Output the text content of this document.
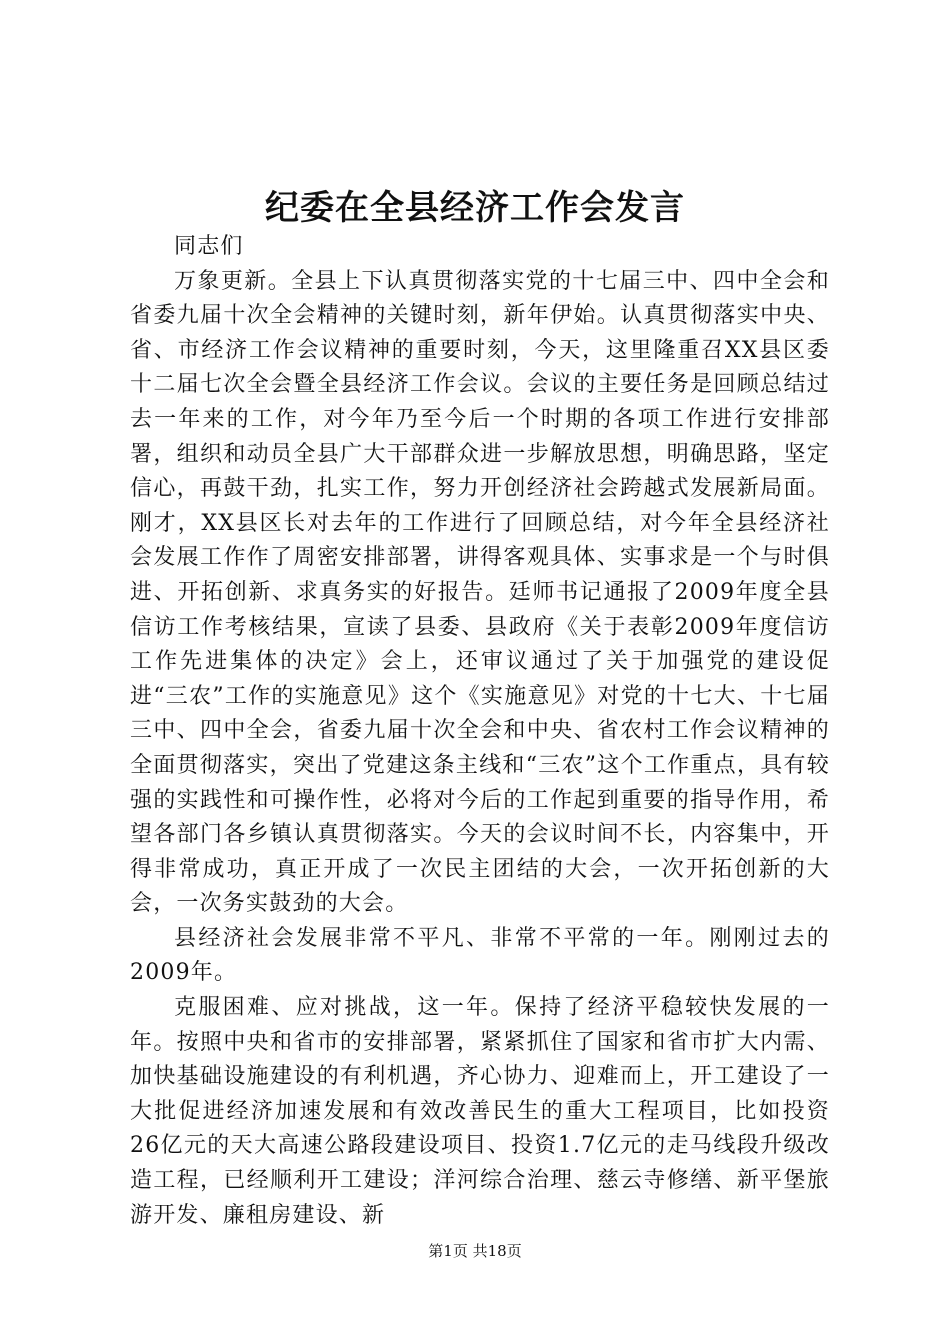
纪委在全县经济工作会发言

同志们

万象更新。全县上下认真贯彻落实党的十七届三中、四中全会和省委九届十次全会精神的关键时刻，新年伊始。认真贯彻落实中央、省、市经济工作会议精神的重要时刻，今天，这里隆重召XX县区委十二届七次全会暨全县经济工作会议。会议的主要任务是回顾总结过去一年来的工作，对今年乃至今后一个时期的各项工作进行安排部署，组织和动员全县广大干部群众进一步解放思想，明确思路，坚定信心，再鼓干劲，扎实工作，努力开创经济社会跨越式发展新局面。刚才，XX县区长对去年的工作进行了回顾总结，对今年全县经济社会发展工作作了周密安排部署，讲得客观具体、实事求是一个与时俱进、开拓创新、求真务实的好报告。廷师书记通报了2009年度全县信访工作考核结果，宣读了县委、县政府《关于表彰2009年度信访工作先进集体的决定》会上，还审议通过了关于加强党的建设促进“三农”工作的实施意见》这个《实施意见》对党的十七大、十七届三中、四中全会，省委九届十次全会和中央、省农村工作会议精神的全面贯彻落实，突出了党建这条主线和“三农”这个工作重点，具有较强的实践性和可操作性，必将对今后的工作起到重要的指导作用，希望各部门各乡镇认真贯彻落实。今天的会议时间不长，内容集中，开得非常成功，真正开成了一次民主团结的大会，一次开拓创新的大会，一次务实鼓劲的大会。

县经济社会发展非常不平凡、非常不平常的一年。刚刚过去的2009年。

克服困难、应对挑战，这一年。保持了经济平稳较快发展的一年。按照中央和省市的安排部署，紧紧抓住了国家和省市扩大内需、加快基础设施建设的有利机遇，齐心协力、迎难而上，开工建设了一大批促进经济加速发展和有效改善民生的重大工程项目，比如投资26亿元的天大高速公路段建设项目、投资1.7亿元的走马线段升级改造工程，已经顺利开工建设；洋河综合治理、慈云寺修缮、新平堡旅游开发、廉租房建设、新

第1页 共18页
